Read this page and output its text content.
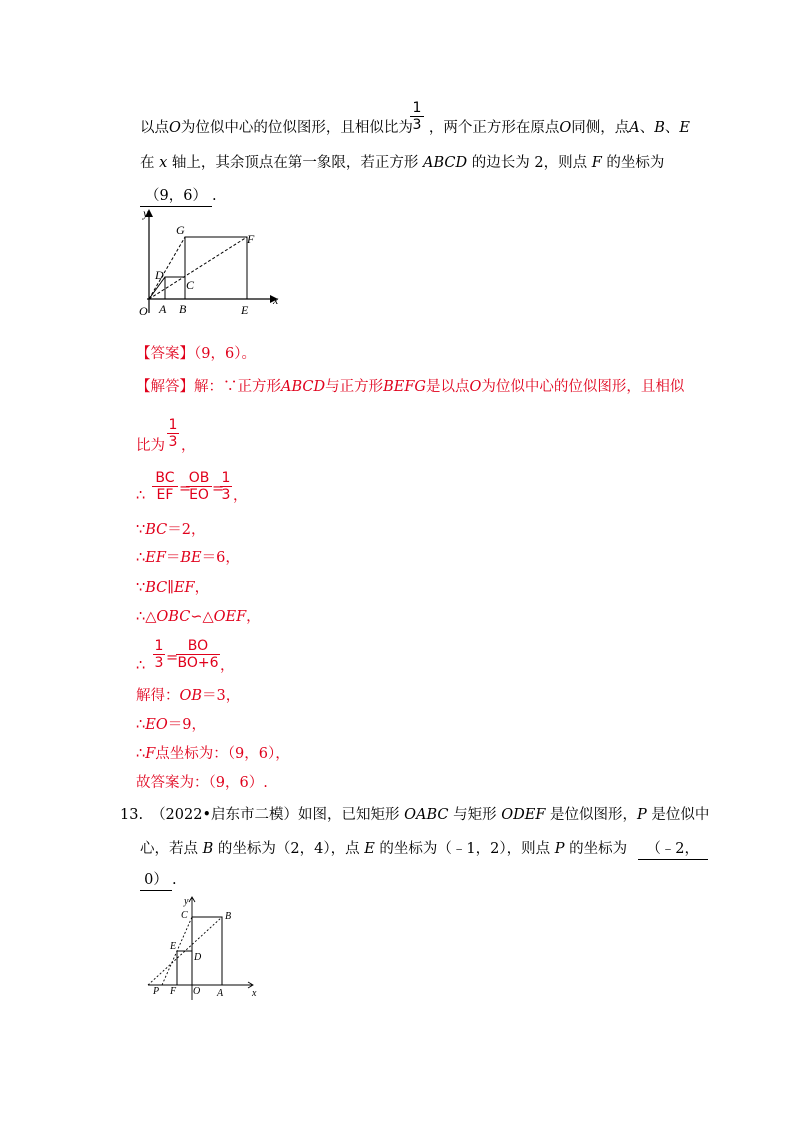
$\frac{1}{3}$
以点O为位似中心的位似图形，且相似比为 ，两个正方形在原点O同侧，点A、B、E
在 x 轴上，其余顶点在第一象限，若正方形 ABCD 的边长为 2，则点 F 的坐标为
（9，6） .
y
x
G
F
D
C
O A B	E
【答案】（9，6）。
【解答】解：∵正方形ABCD与正方形BEFG是以点O为位似中心的位似图形，且相似
$\frac{1}{3}$
比为 ，
∴ $\frac{BC}{EF}$ =
$\frac{OB}{EO}$ =
$\frac{1}{3}$ ，
∵BC＝2，
∴EF＝BE＝6，
∵BC∥EF，
∴△OBC∽△OEF，
∴ $\frac{1}{3}$ =
$\frac{BO}{BO+6}$ ，
解得：OB＝3，
∴EO＝9，
∴F点坐标为：（9，6），
故答案为：（9，6）.
13. （2022•启东市二模）如图，已知矩形 OABC 与矩形 ODEF 是位似图形，P 是位似中
心，若点 B 的坐标为（2，4），点 E 的坐标为（﹣1，2），则点 P 的坐标为 （﹣2，
0） .
P F O A	x
y
C	B
E
D
